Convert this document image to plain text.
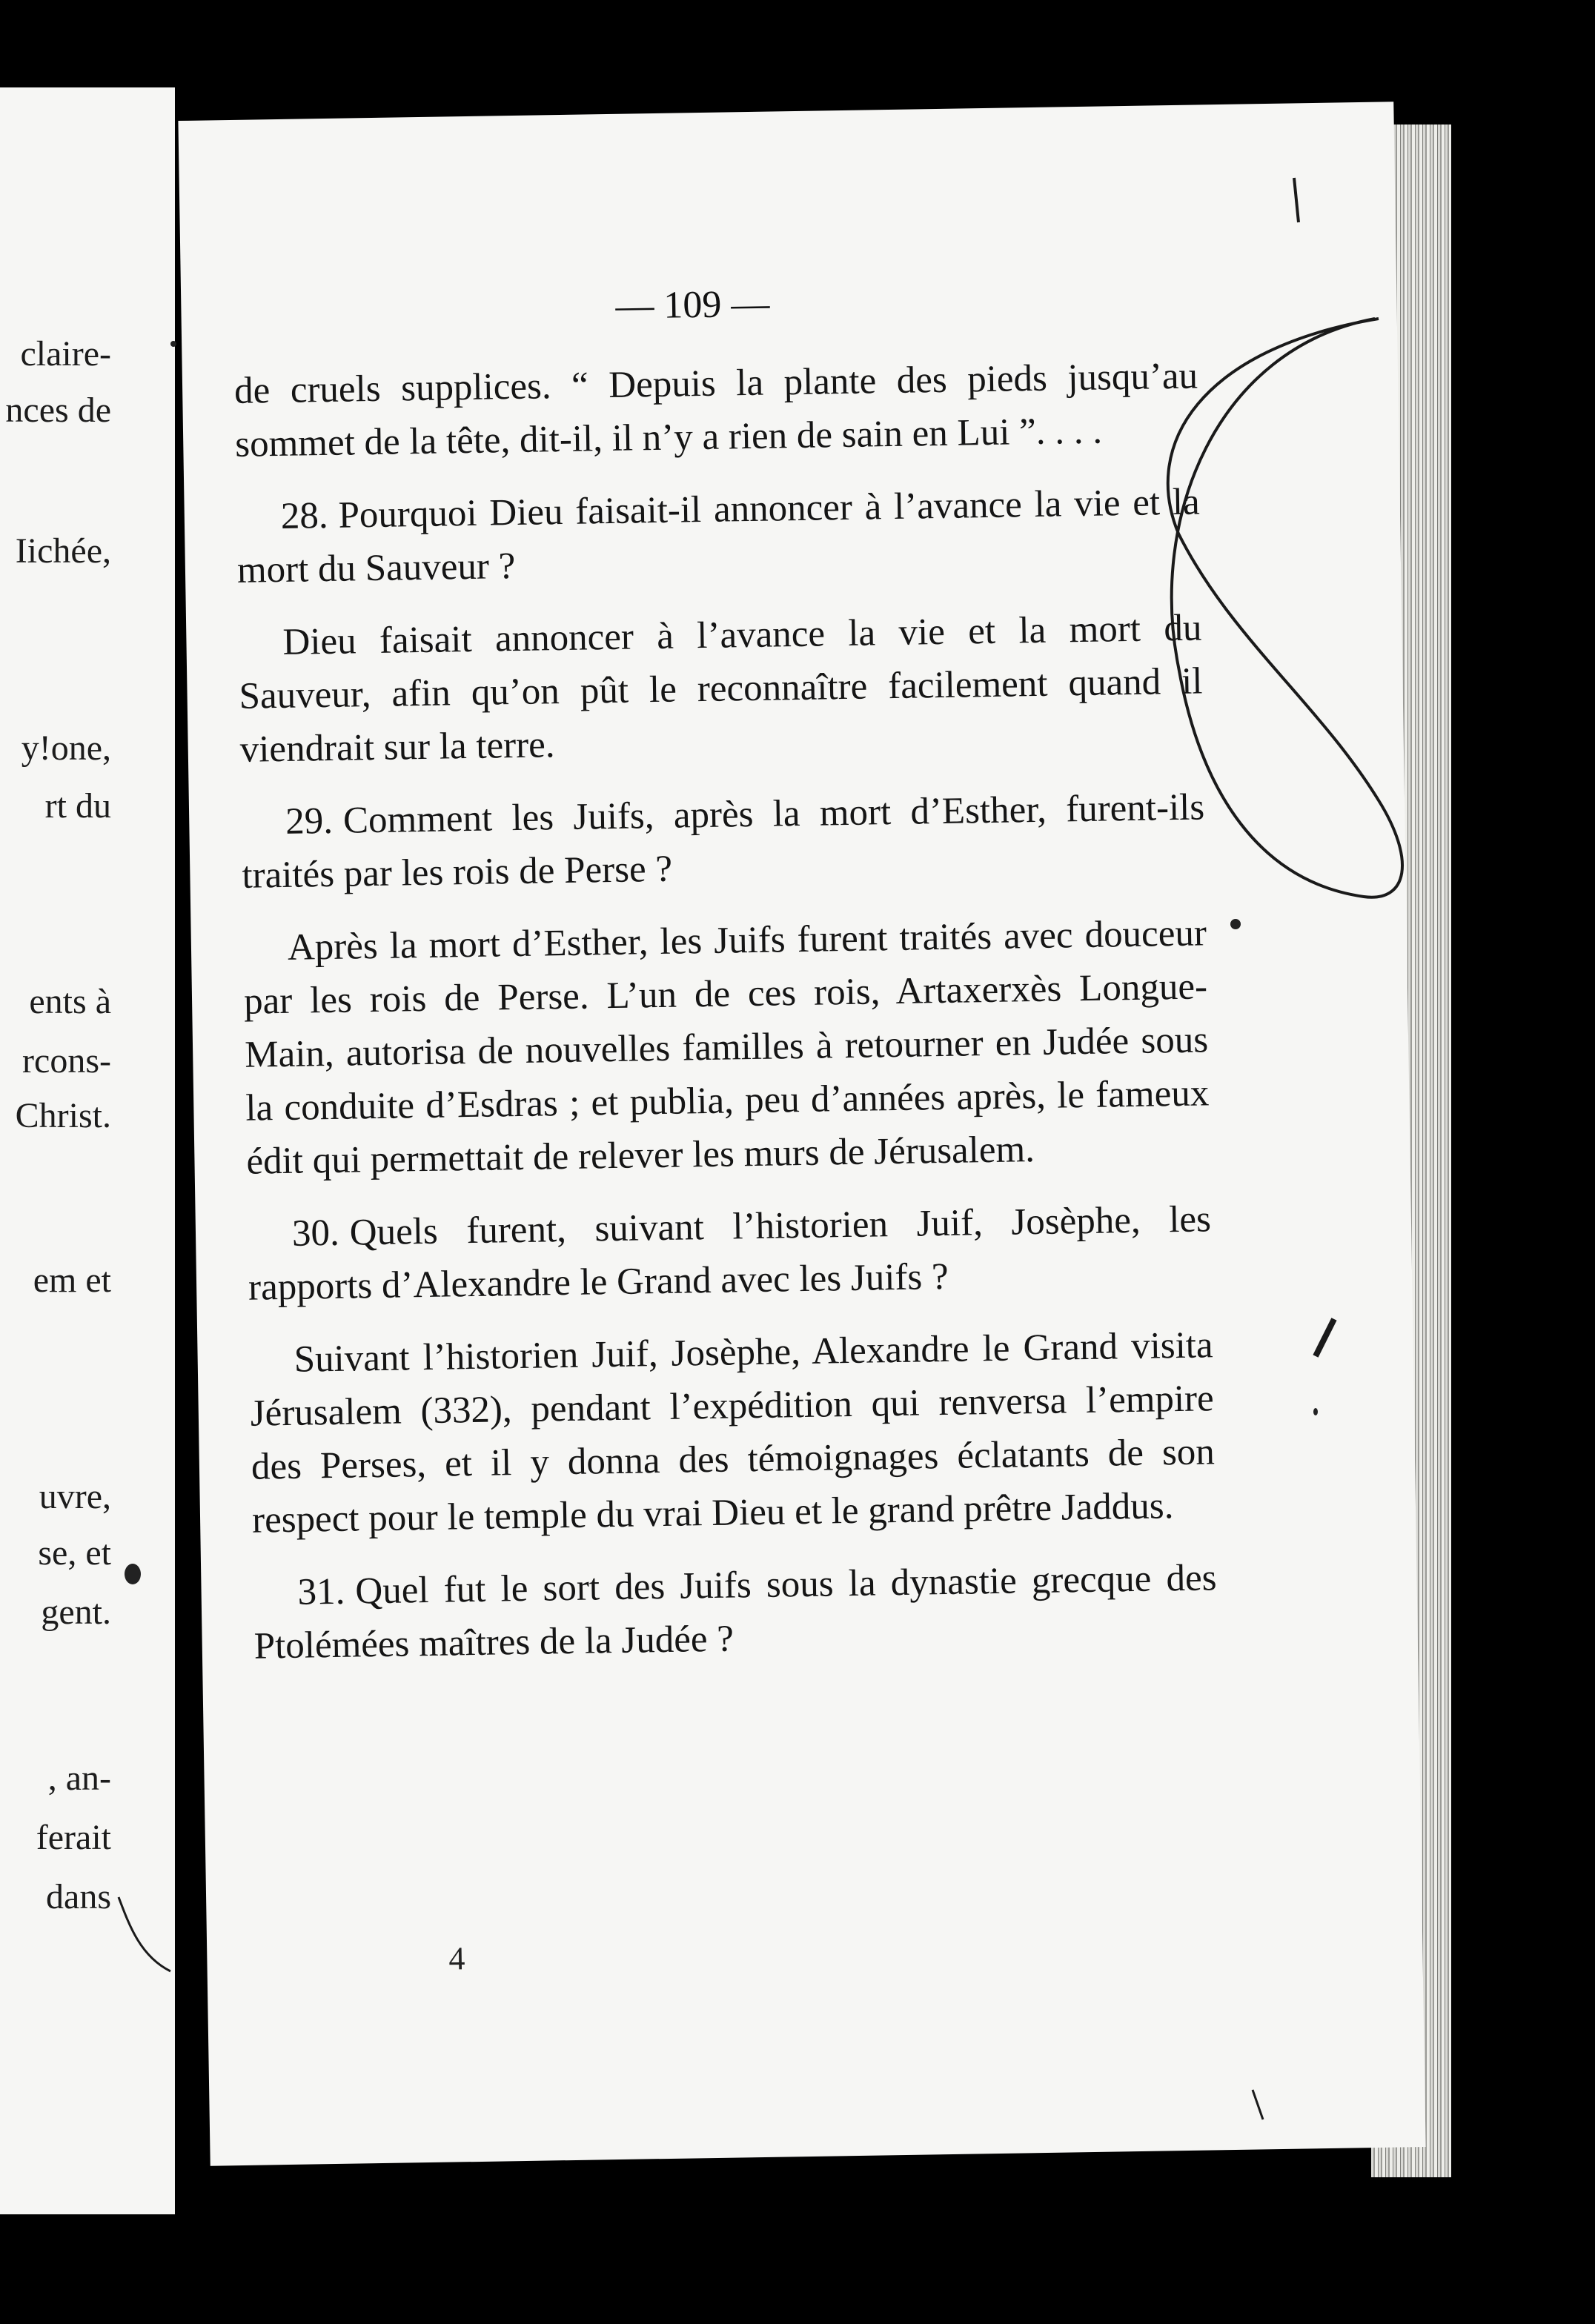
claire-
nces de
Iichée,
y!one,
rt du
ents à
rcons-
Christ.
em et
uvre,
se, et
gent.
, an-
ferait
dans
— 109 —

de cruels supplices. “ Depuis la plante des pieds jusqu’au sommet de la tête, dit-il, il n’y a rien de sain en Lui ”. . . .

28. Pourquoi Dieu faisait-il annoncer à l’avance la vie et la mort du Sauveur ?

Dieu faisait annoncer à l’avance la vie et la mort du Sauveur, afin qu’on pût le reconnaître facilement quand il viendrait sur la terre.

29. Comment les Juifs, après la mort d’Esther, furent-ils traités par les rois de Perse ?

Après la mort d’Esther, les Juifs furent traités avec douceur par les rois de Perse. L’un de ces rois, Artaxerxès Longue-Main, autorisa de nouvelles familles à retourner en Judée sous la conduite d’Esdras ; et publia, peu d’années après, le fameux édit qui permettait de relever les murs de Jérusalem.

30. Quels furent, suivant l’historien Juif, Josèphe, les rapports d’Alexandre le Grand avec les Juifs ?

Suivant l’historien Juif, Josèphe, Alexandre le Grand visita Jérusalem (332), pendant l’expédition qui renversa l’empire des Perses, et il y donna des témoignages éclatants de son respect pour le temple du vrai Dieu et le grand prêtre Jaddus.

31. Quel fut le sort des Juifs sous la dynastie grecque des Ptolémées maîtres de la Judée ?

4
